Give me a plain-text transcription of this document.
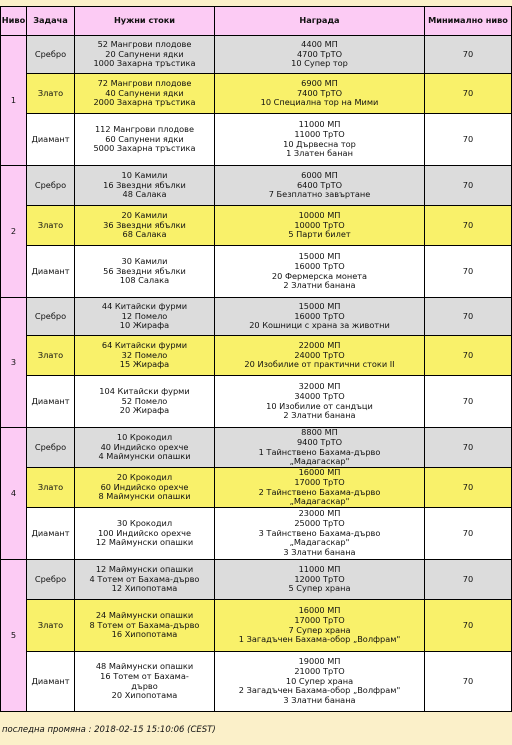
Ниво	Задача	Нужни стоки	Награда	Минимално ниво
1	Сребро	52 Мангрови плодове
20 Сапунени ядки
1000 Захарна тръстика	4400 МП
4700 ТрТО
10 Супер тор	70
	Злато	72 Мангрови плодове
40 Сапунени ядки
2000 Захарна тръстика	6900 МП
7400 ТрТО
10 Специална тор на Мими	70
	Диамант	112 Мангрови плодове
60 Сапунени ядки
5000 Захарна тръстика	11000 МП
11000 ТрТО
10 Дървесна тор
1 Златен банан	70
2	Сребро	10 Камили
16 Звездни ябълки
48 Салака	6000 МП
6400 ТрТО
7 Безплатно завъртане	70
	Злато	20 Камили
36 Звездни ябълки
68 Салака	10000 МП
10000 ТрТО
5 Парти билет	70
	Диамант	30 Камили
56 Звездни ябълки
108 Салака	15000 МП
16000 ТрТО
20 Фермерска монета
2 Златни банана	70
3	Сребро	44 Китайски фурми
12 Помело
10 Жирафа	15000 МП
16000 ТрТО
20 Кошници с храна за животни	70
	Злато	64 Китайски фурми
32 Помело
15 Жирафа	22000 МП
24000 ТрТО
20 Изобилие от практични стоки II	70
	Диамант	104 Китайски фурми
52 Помело
20 Жирафа	32000 МП
34000 ТрТО
10 Изобилие от сандъци
2 Златни банана	70
4	Сребро	10 Крокодил
40 Индийско орехче
4 Маймунски опашки	8800 МП
9400 ТрТО
1 Тайнствено Бахама-дърво
„Мадагаскар"	70
	Злато	20 Крокодил
60 Индийско орехче
8 Маймунски опашки	16000 МП
17000 ТрТО
2 Тайнствено Бахама-дърво
„Мадагаскар"	70
	Диамант	30 Крокодил
100 Индийско орехче
12 Маймунски опашки	23000 МП
25000 ТрТО
3 Тайнствено Бахама-дърво
„Мадагаскар"
3 Златни банана	70
5	Сребро	12 Маймунски опашки
4 Тотем от Бахама-дърво
12 Хипопотама	11000 МП
12000 ТрТО
5 Супер храна	70
	Злато	24 Маймунски опашки
8 Тотем от Бахама-дърво
16 Хипопотама	16000 МП
17000 ТрТО
7 Супер храна
1 Загадъчен Бахама-обор „Волфрам"	70
	Диамант	48 Маймунски опашки
16 Тотем от Бахама-
дърво
20 Хипопотама	19000 МП
21000 ТрТО
10 Супер храна
2 Загадъчен Бахама-обор „Волфрам"
3 Златни банана	70
последна промяна : 2018-02-15 15:10:06 (CEST)
